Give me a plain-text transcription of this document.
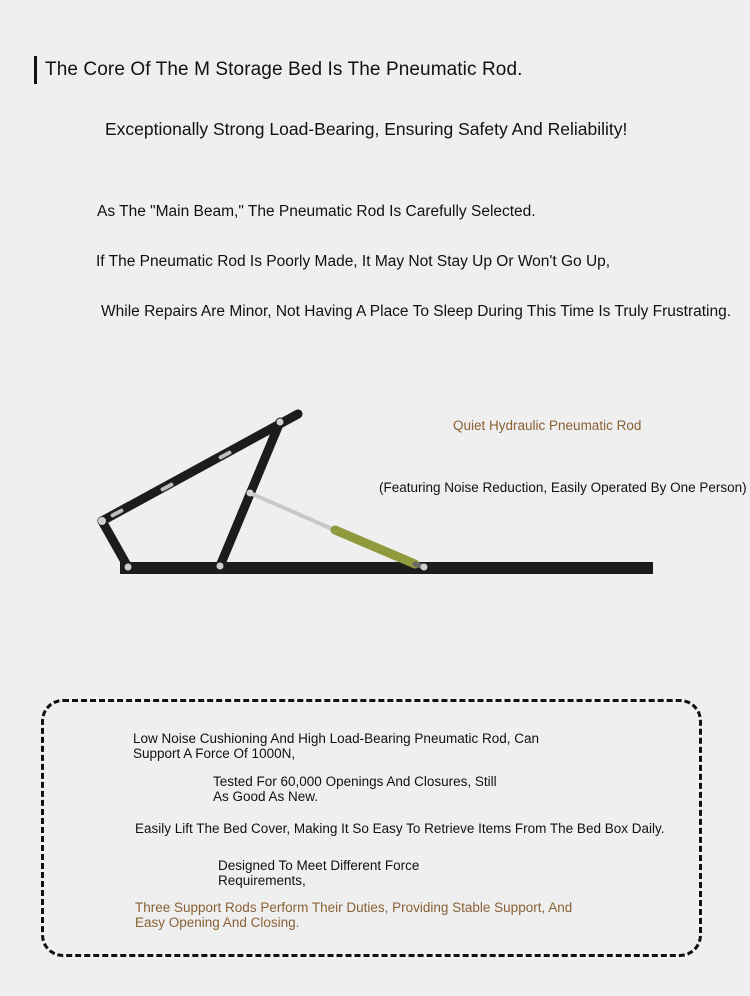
The Core Of The M Storage Bed Is The Pneumatic Rod.
Exceptionally Strong Load-Bearing, Ensuring Safety And Reliability!
As The "Main Beam," The Pneumatic Rod Is Carefully Selected.
If The Pneumatic Rod Is Poorly Made, It May Not Stay Up Or Won't Go Up,
While Repairs Are Minor, Not Having A Place To Sleep During This Time Is Truly Frustrating.
Quiet Hydraulic Pneumatic Rod
(Featuring Noise Reduction, Easily Operated By One Person)
Low Noise Cushioning And High Load-Bearing Pneumatic Rod, Can Support A Force Of 1000N,
Tested For 60,000 Openings And Closures, Still As Good As New.
Easily Lift The Bed Cover, Making It So Easy To Retrieve Items From The Bed Box Daily.
Designed To Meet Different Force Requirements,
Three Support Rods Perform Their Duties, Providing Stable Support, And Easy Opening And Closing.
